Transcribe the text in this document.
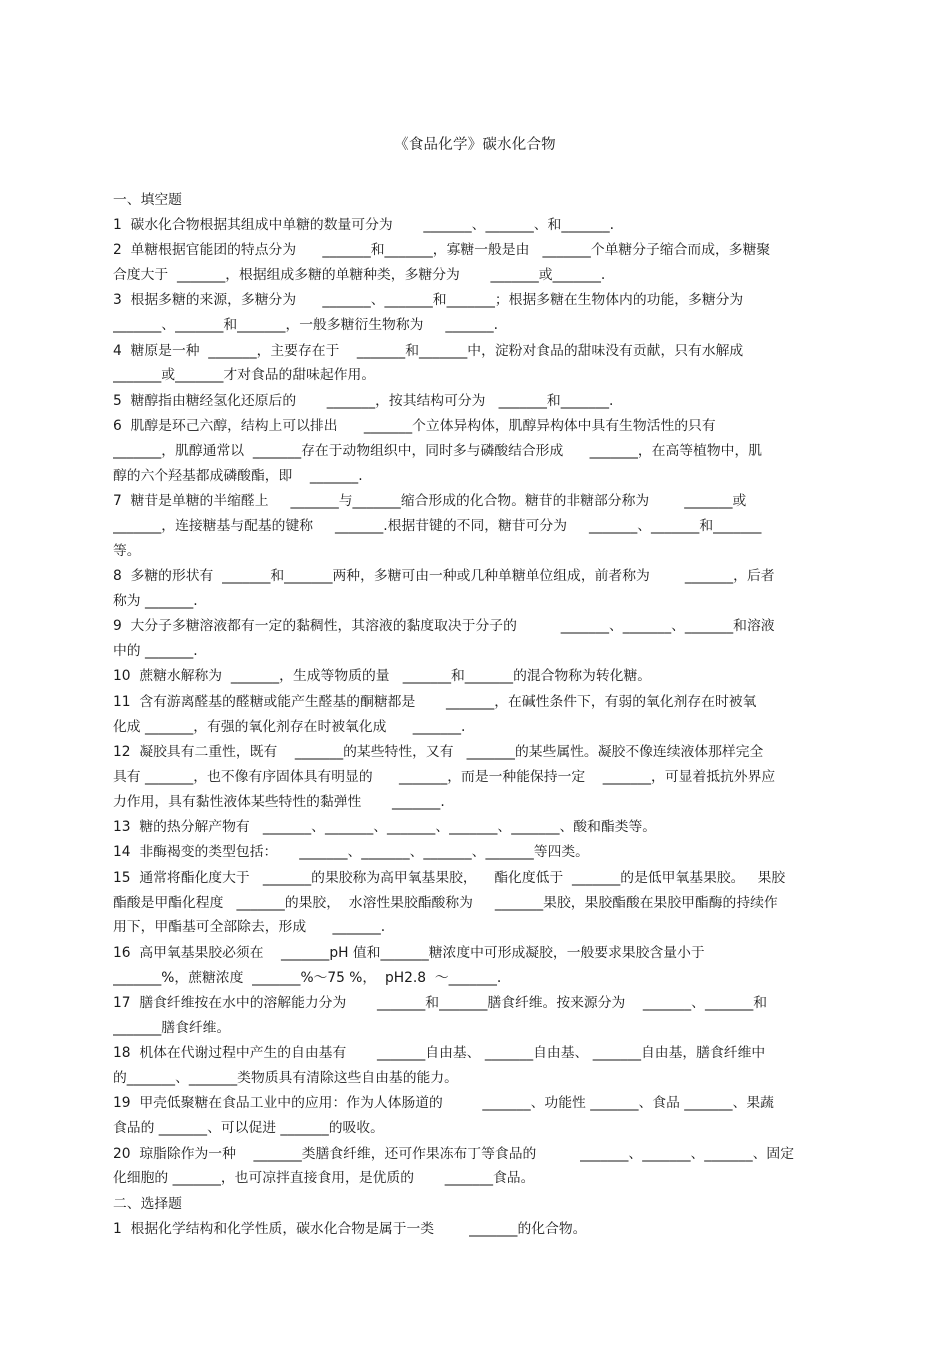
《食品化学》碳水化合物
一、填空题
1  碳水化合物根据其组成中单糖的数量可分为       _______、_______、和_______.
2  单糖根据官能团的特点分为      _______和_______，寡糖一般是由   _______个单糖分子缩合而成，多糖聚
合度大于  _______，根据组成多糖的单糖种类，多糖分为       _______或_______.
3  根据多糖的来源，多糖分为      _______、_______和_______；根据多糖在生物体内的功能，多糖分为
_______、_______和_______，一般多糖衍生物称为     _______.
4  糖原是一种  _______，主要存在于    _______和_______中，淀粉对食品的甜味没有贡献，只有水解成
_______或_______才对食品的甜味起作用。
5  糖醇指由糖经氢化还原后的       _______，按其结构可分为   _______和_______.
6  肌醇是环己六醇，结构上可以排出      _______个立体异构体，肌醇异构体中具有生物活性的只有
_______，肌醇通常以  _______存在于动物组织中，同时多与磷酸结合形成      _______，在高等植物中，肌
醇的六个羟基都成磷酸酯，即    _______.
7  糖苷是单糖的半缩醛上     _______与_______缩合形成的化合物。糖苷的非糖部分称为        _______或
_______，连接糖基与配基的键称     _______.根据苷键的不同，糖苷可分为     _______、_______和_______
等。
8  多糖的形状有  _______和_______两种，多糖可由一种或几种单糖单位组成，前者称为        _______，后者
称为 _______.
9  大分子多糖溶液都有一定的黏稠性，其溶液的黏度取决于分子的          _______、_______、_______和溶液
中的 _______.
10  蔗糖水解称为  _______，生成等物质的量   _______和_______的混合物称为转化糖。
11  含有游离醛基的醛糖或能产生醛基的酮糖都是       _______，在碱性条件下，有弱的氧化剂存在时被氧
化成 _______，有强的氧化剂存在时被氧化成      _______.
12  凝胶具有二重性，既有    _______的某些特性，又有   _______的某些属性。凝胶不像连续液体那样完全
具有 _______，也不像有序固体具有明显的      _______，而是一种能保持一定    _______，可显着抵抗外界应
力作用，具有黏性液体某些特性的黏弹性       _______.
13  糖的热分解产物有   _______、_______、_______、_______、_______、酸和酯类等。
14  非酶褐变的类型包括：     _______、_______、_______、_______等四类。
15  通常将酯化度大于   _______的果胶称为高甲氧基果胶，    酯化度低于  _______的是低甲氧基果胶。   果胶
酯酸是甲酯化程度   _______的果胶，  水溶性果胶酯酸称为     _______果胶，果胶酯酸在果胶甲酯酶的持续作
用下，甲酯基可全部除去，形成      _______.
16  高甲氧基果胶必须在    _______pH 值和_______糖浓度中可形成凝胶，一般要求果胶含量小于
_______%，蔗糖浓度  _______%～75 %，  pH2.8  ～_______.
17  膳食纤维按在水中的溶解能力分为       _______和_______膳食纤维。按来源分为    _______、_______和
_______膳食纤维。
18  机体在代谢过程中产生的自由基有       _______自由基、 _______自由基、 _______自由基，膳食纤维中
的_______、_______类物质具有清除这些自由基的能力。
19  甲壳低聚糖在食品工业中的应用：作为人体肠道的         _______、功能性 _______、食品 _______、果蔬
食品的 _______、可以促进 _______的吸收。
20  琼脂除作为一种    _______类膳食纤维，还可作果冻布丁等食品的          _______、_______、_______、固定
化细胞的 _______，也可凉拌直接食用，是优质的       _______食品。
二、选择题
1  根据化学结构和化学性质，碳水化合物是属于一类        _______的化合物。
